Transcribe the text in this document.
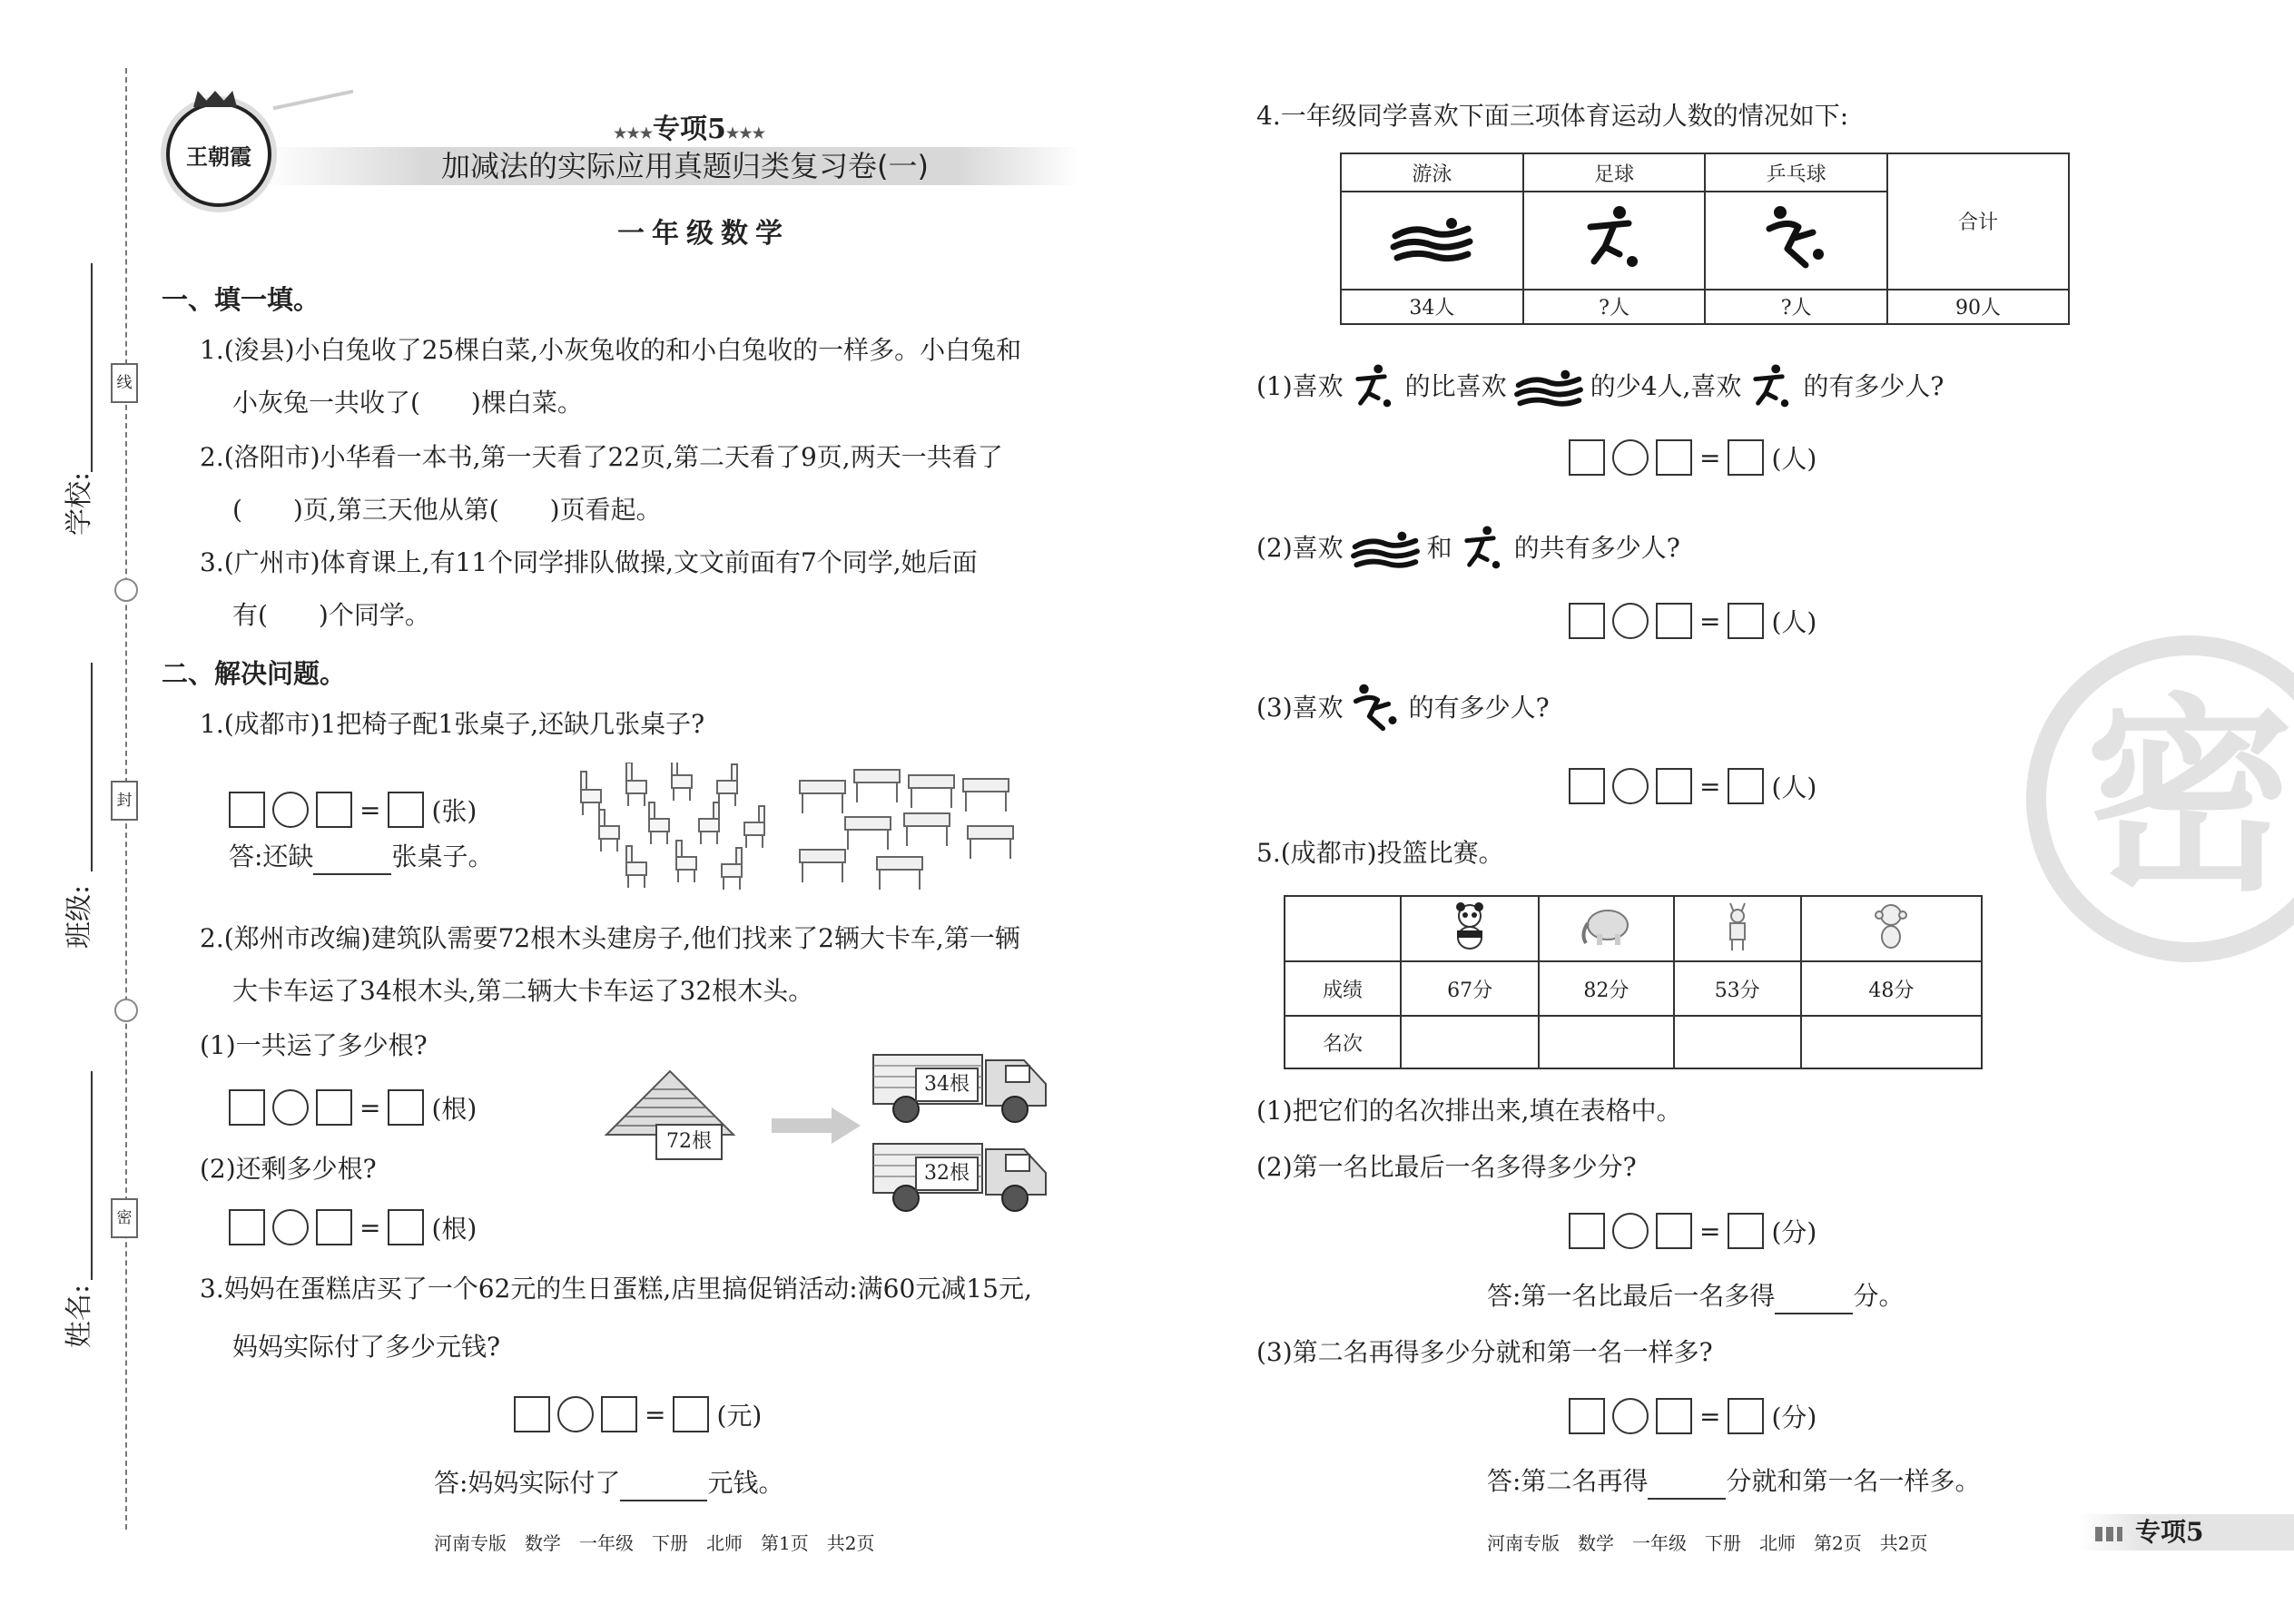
线
封
密
学校:
班级:
姓名:
王朝霞
★★★专项5★★★
加减法的实际应用真题归类复习卷(一)
一年级数学
一、填一填。
1.(浚县)小白兔收了25棵白菜,小灰兔收的和小白兔收的一样多。小白兔和
小灰兔一共收了(　　)棵白菜。
2.(洛阳市)小华看一本书,第一天看了22页,第二天看了9页,两天一共看了
(　　)页,第三天他从第(　　)页看起。
3.(广州市)体育课上,有11个同学排队做操,文文前面有7个同学,她后面
有(　　)个同学。
二、解决问题。
1.(成都市)1把椅子配1张桌子,还缺几张桌子?
= (张)
答:还缺	张桌子。
2.(郑州市改编)建筑队需要72根木头建房子,他们找来了2辆大卡车,第一辆
大卡车运了34根木头,第二辆大卡车运了32根木头。
(1)一共运了多少根?
= (根)
(2)还剩多少根?
= (根)
72根
34根
32根
3.妈妈在蛋糕店买了一个62元的生日蛋糕,店里搞促销活动:满60元减15元,
妈妈实际付了多少元钱?
= (元)
答:妈妈实际付了	元钱。
河南专版　数学　一年级　下册　北师　第1页　共2页
4.一年级同学喜欢下面三项体育运动人数的情况如下:
游泳	足球	乒乓球	合计

34人	?人	?人	90人
(1)喜欢 的比喜欢	的少4人,喜欢 的有多少人?
= (人)
(2)喜欢	和 的共有多少人?
= (人)
(3)喜欢	的有多少人?
= (人)
5.(成都市)投篮比赛。

成绩	67分	82分	53分	48分
名次				
(1)把它们的名次排出来,填在表格中。
(2)第一名比最后一名多得多少分?
= (分)
答:第一名比最后一名多得	分。
(3)第二名再得多少分就和第一名一样多?
= (分)
答:第二名再得	分就和第一名一样多。
河南专版　数学　一年级　下册　北师　第2页　共2页
密
专项5
